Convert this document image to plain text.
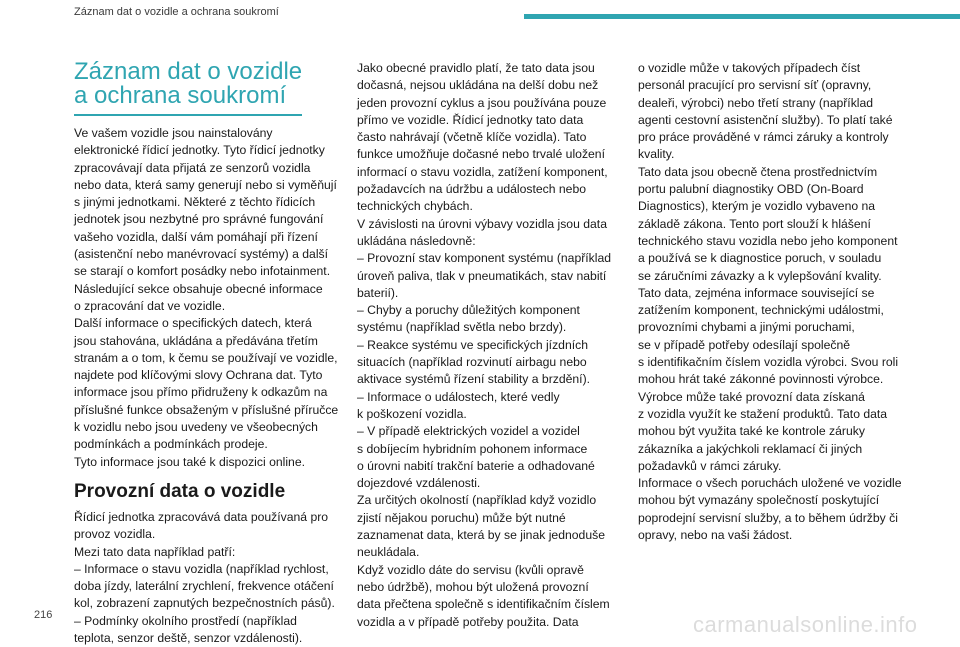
Záznam dat o vozidle a ochrana soukromí
Záznam dat o vozidle
a ochrana soukromí

Ve vašem vozidle jsou nainstalovány

elektronické řídicí jednotky. Tyto řídicí jednotky

zpracovávají data přijatá ze senzorů vozidla

nebo data, která samy generují nebo si vyměňují

s jinými jednotkami. Některé z těchto řídicích

jednotek jsou nezbytné pro správné fungování

vašeho vozidla, další vám pomáhají při řízení

(asistenční nebo manévrovací systémy) a další

se starají o komfort posádky nebo infotainment.

Následující sekce obsahuje obecné informace

o zpracování dat ve vozidle.

Další informace o specifických datech, která

jsou stahována, ukládána a předávána třetím

stranám a o tom, k čemu se používají ve vozidle,

najdete pod klíčovými slovy Ochrana dat. Tyto

informace jsou přímo přidruženy k odkazům na

příslušné funkce obsaženým v příslušné příručce

k vozidlu nebo jsou uvedeny ve všeobecných

podmínkách a podmínkách prodeje.

Tyto informace jsou také k dispozici online.

Provozní data o vozidle

Řídicí jednotka zpracovává data používaná pro

provoz vozidla.

Mezi tato data například patří:

– Informace o stavu vozidla (například rychlost,

doba jízdy, laterální zrychlení, frekvence otáčení

kol, zobrazení zapnutých bezpečnostních pásů).

– Podmínky okolního prostředí (například

teplota, senzor deště, senzor vzdálenosti).

Jako obecné pravidlo platí, že tato data jsou

dočasná, nejsou ukládána na delší dobu než

jeden provozní cyklus a jsou používána pouze

přímo ve vozidle. Řídicí jednotky tato data

často nahrávají (včetně klíče vozidla). Tato

funkce umožňuje dočasné nebo trvalé uložení

informací o stavu vozidla, zatížení komponent,

požadavcích na údržbu a událostech nebo

technických chybách.

V závislosti na úrovni výbavy vozidla jsou data

ukládána následovně:

– Provozní stav komponent systému (například

úroveň paliva, tlak v pneumatikách, stav nabití

baterií).

– Chyby a poruchy důležitých komponent

systému (například světla nebo brzdy).

– Reakce systému ve specifických jízdních

situacích (například rozvinutí airbagu nebo

aktivace systémů řízení stability a brzdění).

– Informace o událostech, které vedly

k poškození vozidla.

– V případě elektrických vozidel a vozidel

s dobíjecím hybridním pohonem informace

o úrovni nabití trakční baterie a odhadované

dojezdové vzdálenosti.

Za určitých okolností (například když vozidlo

zjistí nějakou poruchu) může být nutné

zaznamenat data, která by se jinak jednoduše

neukládala.

Když vozidlo dáte do servisu (kvůli opravě

nebo údržbě), mohou být uložená provozní

data přečtena společně s identifikačním číslem

vozidla a v případě potřeby použita. Data

o vozidle může v takových případech číst

personál pracující pro servisní síť (opravny,

dealeři, výrobci) nebo třetí strany (například

agenti cestovní asistenční služby). To platí také

pro práce prováděné v rámci záruky a kontroly

kvality.

Tato data jsou obecně čtena prostřednictvím

portu palubní diagnostiky OBD (On-Board

Diagnostics), kterým je vozidlo vybaveno na

základě zákona. Tento port slouží k hlášení

technického stavu vozidla nebo jeho komponent

a používá se k diagnostice poruch, v souladu

se záručními závazky a k vylepšování kvality.

Tato data, zejména informace související se

zatížením komponent, technickými událostmi,

provozními chybami a jinými poruchami,

se v případě potřeby odesílají společně

s identifikačním číslem vozidla výrobci. Svou roli

mohou hrát také zákonné povinnosti výrobce.

Výrobce může také provozní data získaná

z vozidla využít ke stažení produktů. Tato data

mohou být využita také ke kontrole záruky

zákazníka a jakýchkoli reklamací či jiných

požadavků v rámci záruky.

Informace o všech poruchách uložené ve vozidle

mohou být vymazány společností poskytující

poprodejní servisní služby, a to během údržby či

opravy, nebo na vaši žádost.

216	carmanualsonline.info
